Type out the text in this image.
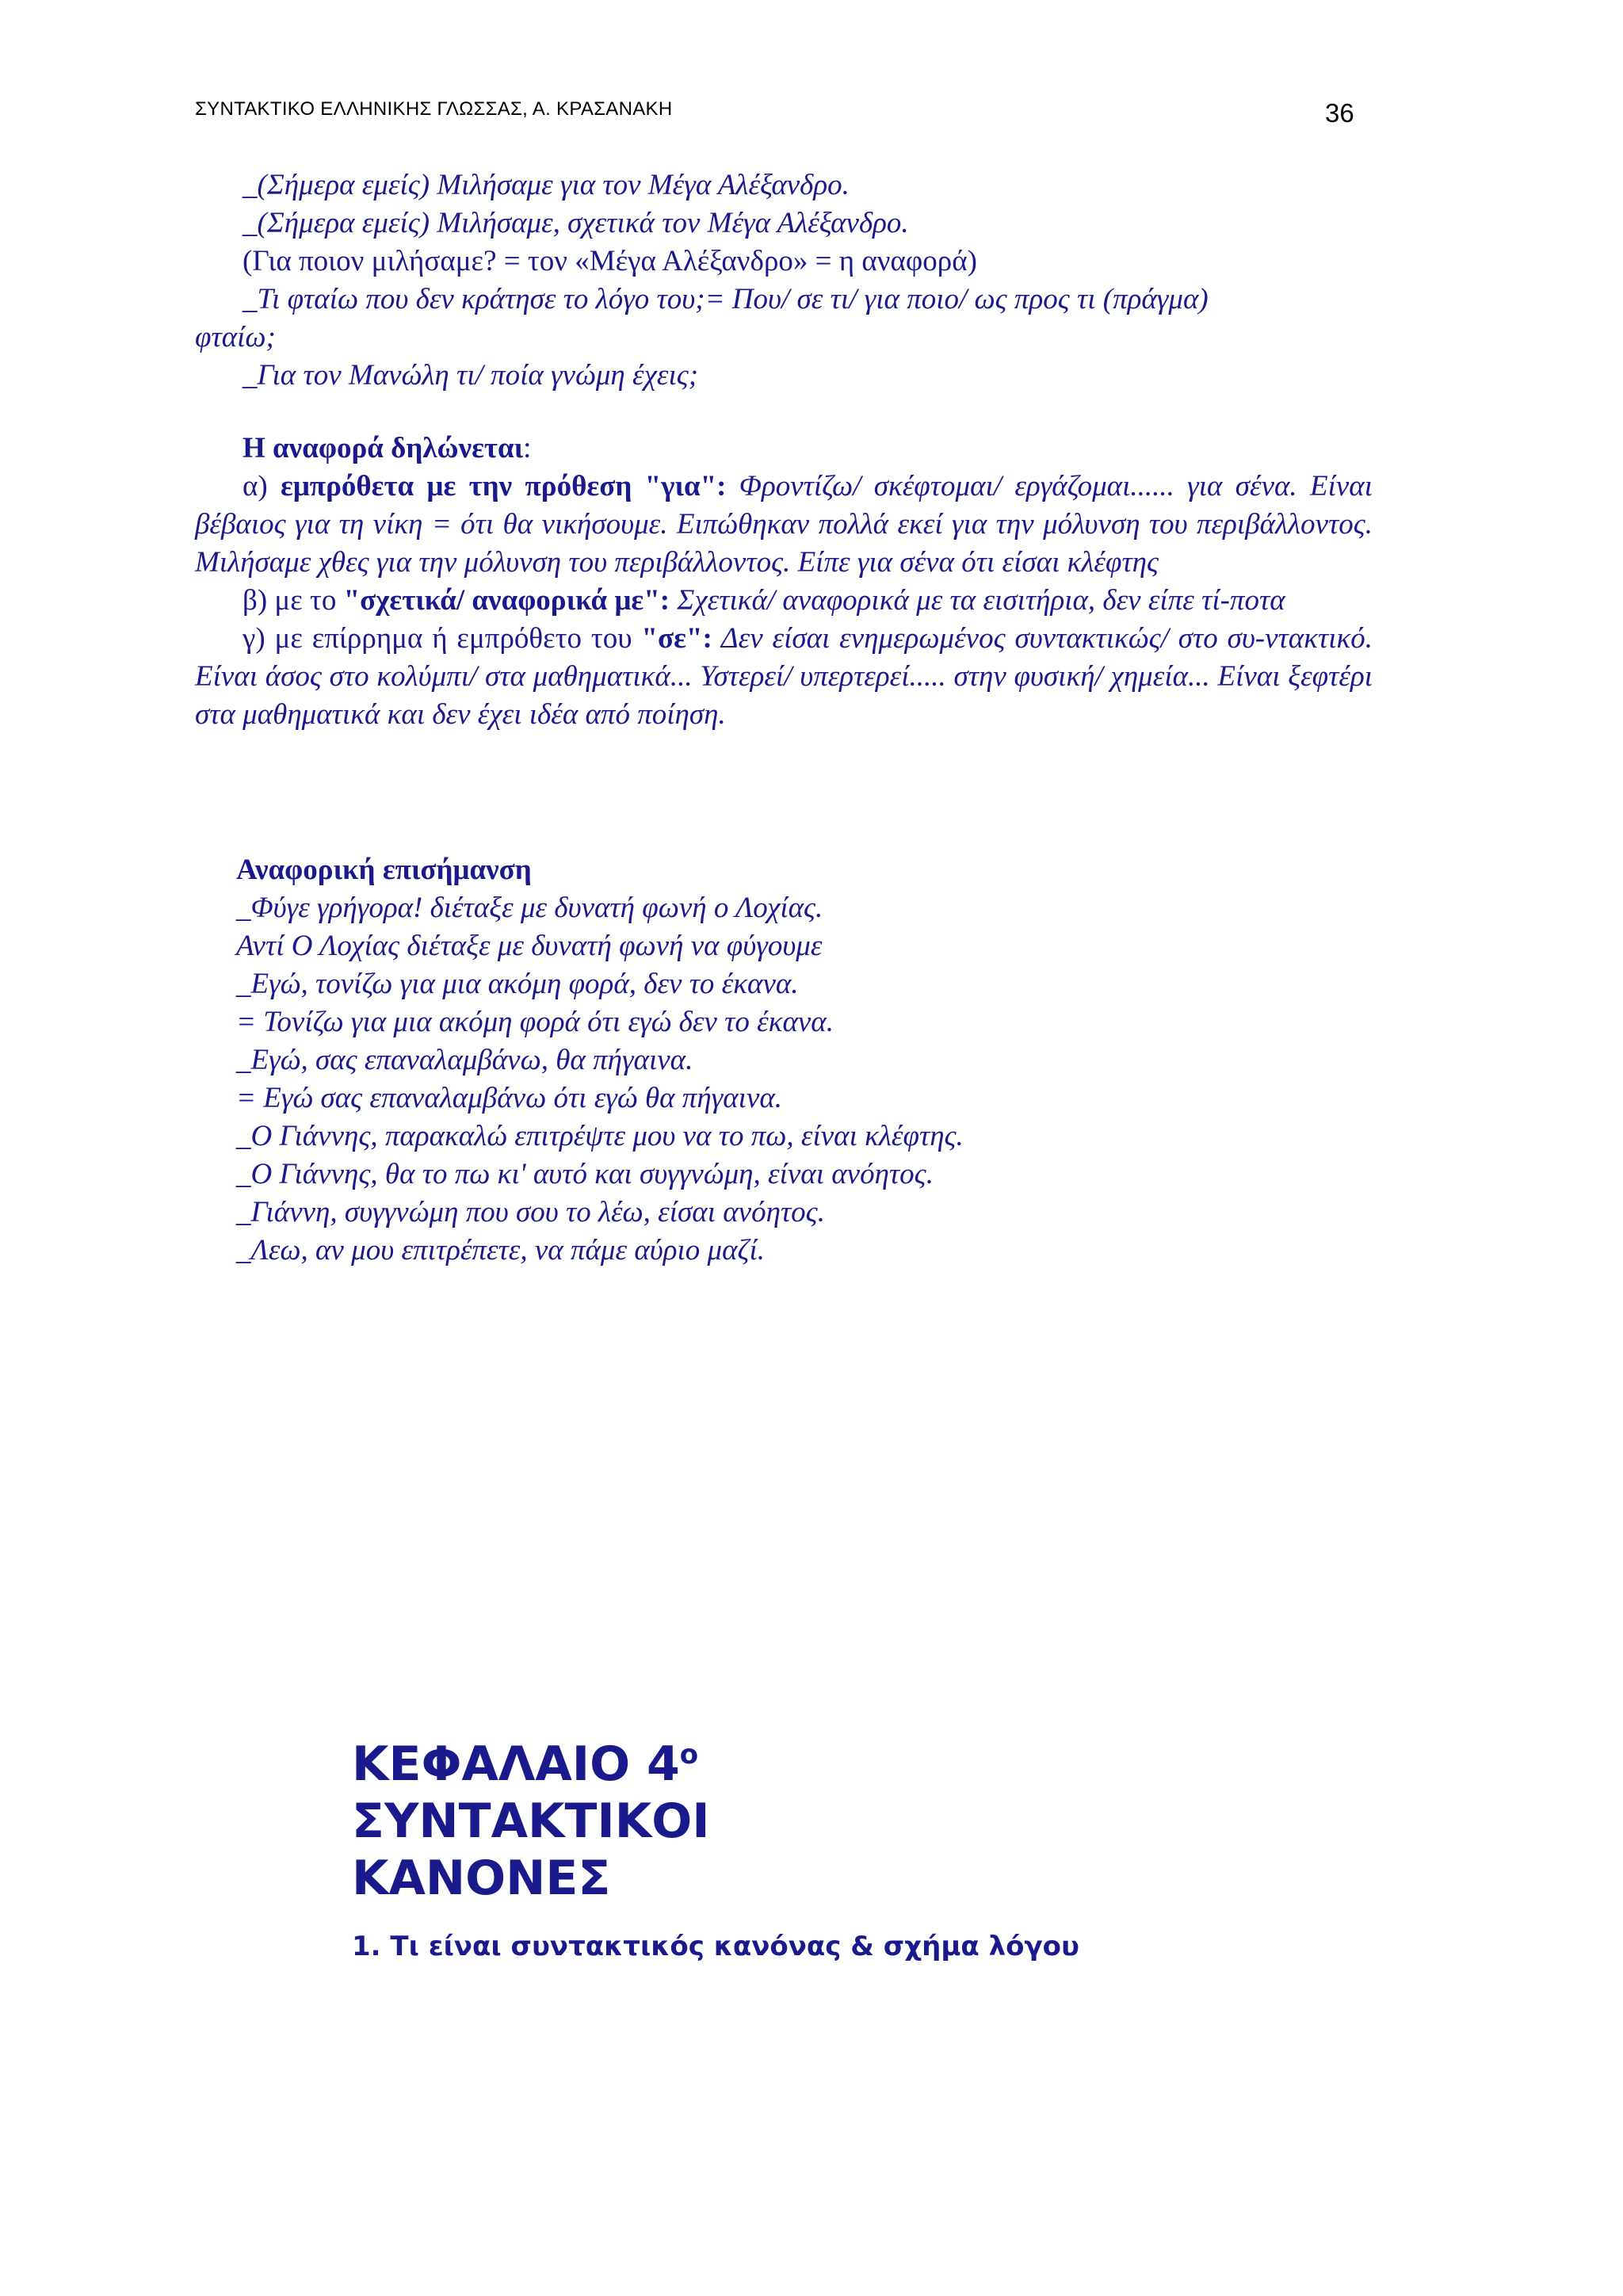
ΣΥΝΤΑΚΤΙΚΟ ΕΛΛΗΝΙΚΗΣ ΓΛΩΣΣΑΣ, Α. ΚΡΑΣΑΝΑΚΗ	36
_(Σήμερα εμείς) Μιλήσαμε για τον Μέγα Αλέξανδρο.
_(Σήμερα εμείς) Μιλήσαμε, σχετικά τον Μέγα Αλέξανδρο.
(Για ποιον μιλήσαμε? = τον «Μέγα Αλέξανδρο» = η αναφορά)
_Τι φταίω που δεν κράτησε το λόγο του;= Που/ σε τι/ για ποιο/ ως προς τι (πράγμα)
φταίω;
_Για τον Μανώλη τι/ ποία γνώμη έχεις;
Η αναφορά δηλώνεται:
α) εμπρόθετα με την πρόθεση "για": Φροντίζω/ σκέφτομαι/ εργάζομαι...... για σένα. Είναι βέβαιος για τη νίκη = ότι θα νικήσουμε. Ειπώθηκαν πολλά εκεί για την μόλυνση του περιβάλλοντος. Μιλήσαμε χθες για την μόλυνση του περιβάλλοντος. Είπε για σένα ότι είσαι κλέφτης
β) με το "σχετικά/ αναφορικά με": Σχετικά/ αναφορικά με τα εισιτήρια, δεν είπε τί-ποτα
γ) με επίρρημα ή εμπρόθετο του "σε": Δεν είσαι ενημερωμένος συντακτικώς/ στο συ-ντακτικό. Είναι άσος στο κολύμπι/ στα μαθηματικά... Υστερεί/ υπερτερεί..... στην φυσική/ χημεία... Είναι ξεφτέρι στα μαθηματικά και δεν έχει ιδέα από ποίηση.
Αναφορική επισήμανση
_Φύγε γρήγορα! διέταξε με δυνατή φωνή ο Λοχίας.
Αντί Ο Λοχίας διέταξε με δυνατή φωνή να φύγουμε
_Εγώ, τονίζω για μια ακόμη φορά, δεν το έκανα.
= Τονίζω για μια ακόμη φορά ότι εγώ δεν το έκανα.
_Εγώ, σας επαναλαμβάνω, θα πήγαινα.
= Εγώ σας επαναλαμβάνω ότι εγώ θα πήγαινα.
_Ο Γιάννης, παρακαλώ επιτρέψτε μου να το πω, είναι κλέφτης.
_Ο Γιάννης, θα το πω κι' αυτό και συγγνώμη, είναι ανόητος.
_Γιάννη, συγγνώμη που σου το λέω, είσαι ανόητος.
_Λεω, αν μου επιτρέπετε, να πάμε αύριο μαζί.
ΚΕΦΑΛΑΙΟ $4^o$
ΣΥΝΤΑΚΤΙΚΟΙ
ΚΑΝΟΝΕΣ
1. Τι είναι συντακτικός κανόνας & σχήμα λόγου
